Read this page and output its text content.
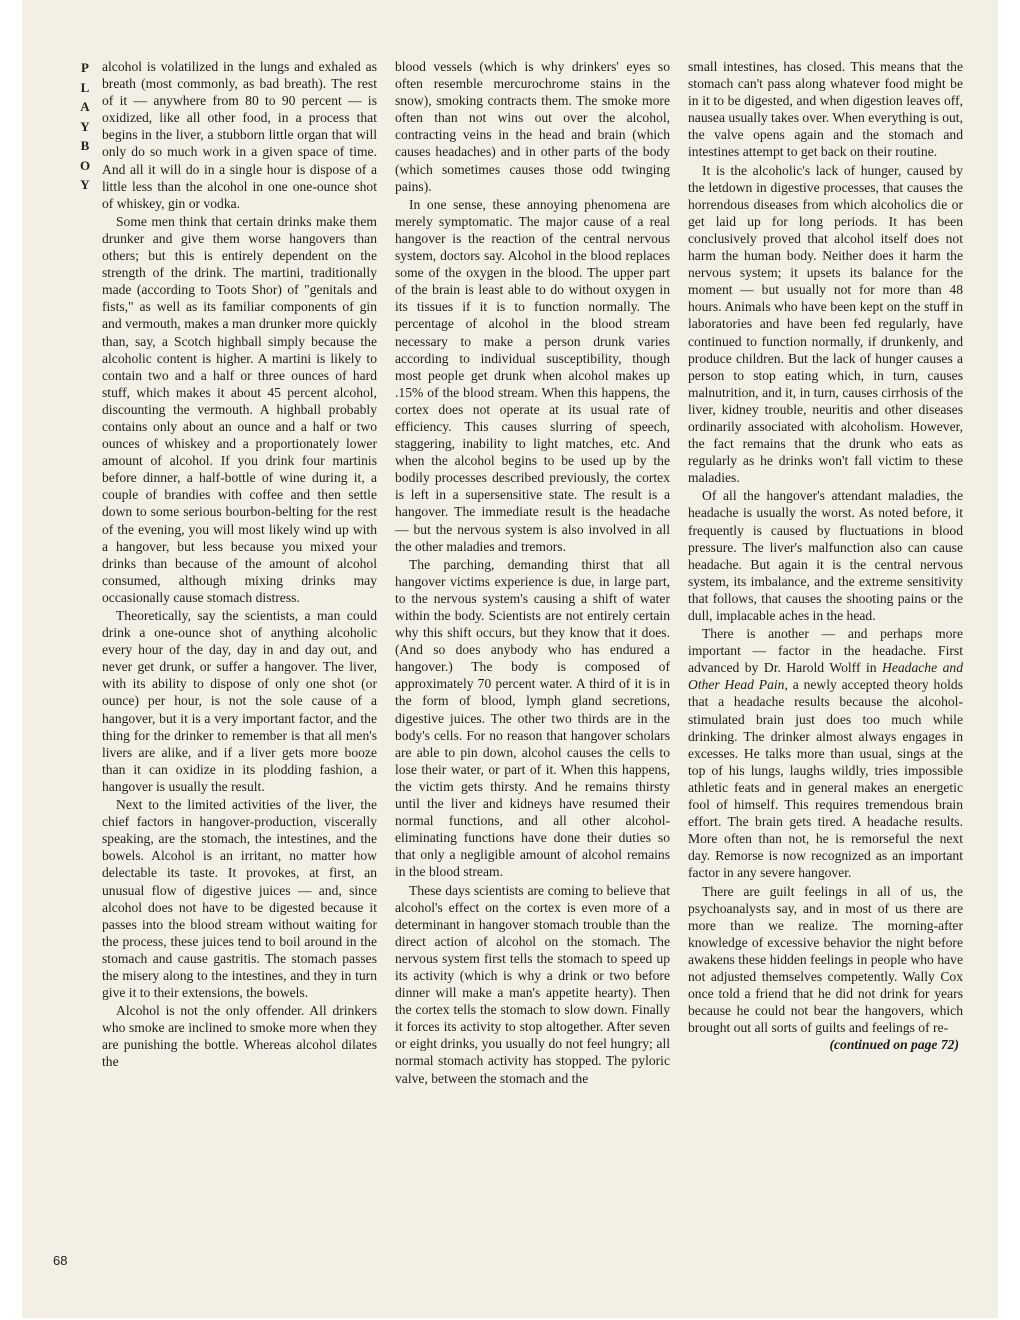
P
L
A
Y
B
O
Y
68

alcohol is volatilized in the lungs and exhaled as breath (most commonly, as bad breath). The rest of it — anywhere from 80 to 90 percent — is oxidized, like all other food, in a process that begins in the liver, a stubborn little organ that will only do so much work in a given space of time. And all it will do in a single hour is dispose of a little less than the alcohol in one one-ounce shot of whiskey, gin or vodka.

Some men think that certain drinks make them drunker and give them worse hangovers than others; but this is entirely dependent on the strength of the drink. The martini, traditionally made (according to Toots Shor) of "genitals and fists," as well as its familiar components of gin and vermouth, makes a man drunker more quickly than, say, a Scotch highball simply because the alcoholic content is higher. A martini is likely to contain two and a half or three ounces of hard stuff, which makes it about 45 percent alcohol, discounting the vermouth. A highball probably contains only about an ounce and a half or two ounces of whiskey and a proportionately lower amount of alcohol. If you drink four martinis before dinner, a half-bottle of wine during it, a couple of brandies with coffee and then settle down to some serious bourbon-belting for the rest of the evening, you will most likely wind up with a hangover, but less because you mixed your drinks than because of the amount of alcohol consumed, although mixing drinks may occasionally cause stomach distress.

Theoretically, say the scientists, a man could drink a one-ounce shot of anything alcoholic every hour of the day, day in and day out, and never get drunk, or suffer a hangover. The liver, with its ability to dispose of only one shot (or ounce) per hour, is not the sole cause of a hangover, but it is a very important factor, and the thing for the drinker to remember is that all men's livers are alike, and if a liver gets more booze than it can oxidize in its plodding fashion, a hangover is usually the result.

Next to the limited activities of the liver, the chief factors in hangover-production, viscerally speaking, are the stomach, the intestines, and the bowels. Alcohol is an irritant, no matter how delectable its taste. It provokes, at first, an unusual flow of digestive juices — and, since alcohol does not have to be digested because it passes into the blood stream without waiting for the process, these juices tend to boil around in the stomach and cause gastritis. The stomach passes the misery along to the intestines, and they in turn give it to their extensions, the bowels.

Alcohol is not the only offender. All drinkers who smoke are inclined to smoke more when they are punishing the bottle. Whereas alcohol dilates the

blood vessels (which is why drinkers' eyes so often resemble mercurochrome stains in the snow), smoking contracts them. The smoke more often than not wins out over the alcohol, contracting veins in the head and brain (which causes headaches) and in other parts of the body (which sometimes causes those odd twinging pains).

In one sense, these annoying phenomena are merely symptomatic. The major cause of a real hangover is the reaction of the central nervous system, doctors say. Alcohol in the blood replaces some of the oxygen in the blood. The upper part of the brain is least able to do without oxygen in its tissues if it is to function normally. The percentage of alcohol in the blood stream necessary to make a person drunk varies according to individual susceptibility, though most people get drunk when alcohol makes up .15% of the blood stream. When this happens, the cortex does not operate at its usual rate of efficiency. This causes slurring of speech, staggering, inability to light matches, etc. And when the alcohol begins to be used up by the bodily processes described previously, the cortex is left in a supersensitive state. The result is a hangover. The immediate result is the headache — but the nervous system is also involved in all the other maladies and tremors.

The parching, demanding thirst that all hangover victims experience is due, in large part, to the nervous system's causing a shift of water within the body. Scientists are not entirely certain why this shift occurs, but they know that it does. (And so does anybody who has endured a hangover.) The body is composed of approximately 70 percent water. A third of it is in the form of blood, lymph gland secretions, digestive juices. The other two thirds are in the body's cells. For no reason that hangover scholars are able to pin down, alcohol causes the cells to lose their water, or part of it. When this happens, the victim gets thirsty. And he remains thirsty until the liver and kidneys have resumed their normal functions, and all other alcohol-eliminating functions have done their duties so that only a negligible amount of alcohol remains in the blood stream.

These days scientists are coming to believe that alcohol's effect on the cortex is even more of a determinant in hangover stomach trouble than the direct action of alcohol on the stomach. The nervous system first tells the stomach to speed up its activity (which is why a drink or two before dinner will make a man's appetite hearty). Then the cortex tells the stomach to slow down. Finally it forces its activity to stop altogether. After seven or eight drinks, you usually do not feel hungry; all normal stomach activity has stopped. The pyloric valve, between the stomach and the

small intestines, has closed. This means that the stomach can't pass along whatever food might be in it to be digested, and when digestion leaves off, nausea usually takes over. When everything is out, the valve opens again and the stomach and intestines attempt to get back on their routine.

It is the alcoholic's lack of hunger, caused by the letdown in digestive processes, that causes the horrendous diseases from which alcoholics die or get laid up for long periods. It has been conclusively proved that alcohol itself does not harm the human body. Neither does it harm the nervous system; it upsets its balance for the moment — but usually not for more than 48 hours. Animals who have been kept on the stuff in laboratories and have been fed regularly, have continued to function normally, if drunkenly, and produce children. But the lack of hunger causes a person to stop eating which, in turn, causes malnutrition, and it, in turn, causes cirrhosis of the liver, kidney trouble, neuritis and other diseases ordinarily associated with alcoholism. However, the fact remains that the drunk who eats as regularly as he drinks won't fall victim to these maladies.

Of all the hangover's attendant maladies, the headache is usually the worst. As noted before, it frequently is caused by fluctuations in blood pressure. The liver's malfunction also can cause headache. But again it is the central nervous system, its imbalance, and the extreme sensitivity that follows, that causes the shooting pains or the dull, implacable aches in the head.

There is another — and perhaps more important — factor in the headache. First advanced by Dr. Harold Wolff in Headache and Other Head Pain, a newly accepted theory holds that a headache results because the alcohol-stimulated brain just does too much while drinking. The drinker almost always engages in excesses. He talks more than usual, sings at the top of his lungs, laughs wildly, tries impossible athletic feats and in general makes an energetic fool of himself. This requires tremendous brain effort. The brain gets tired. A headache results. More often than not, he is remorseful the next day. Remorse is now recognized as an important factor in any severe hangover.

There are guilt feelings in all of us, the psychoanalysts say, and in most of us there are more than we realize. The morning-after knowledge of excessive behavior the night before awakens these hidden feelings in people who have not adjusted themselves competently. Wally Cox once told a friend that he did not drink for years because he could not bear the hangovers, which brought out all sorts of guilts and feelings of re-

(continued on page 72)
